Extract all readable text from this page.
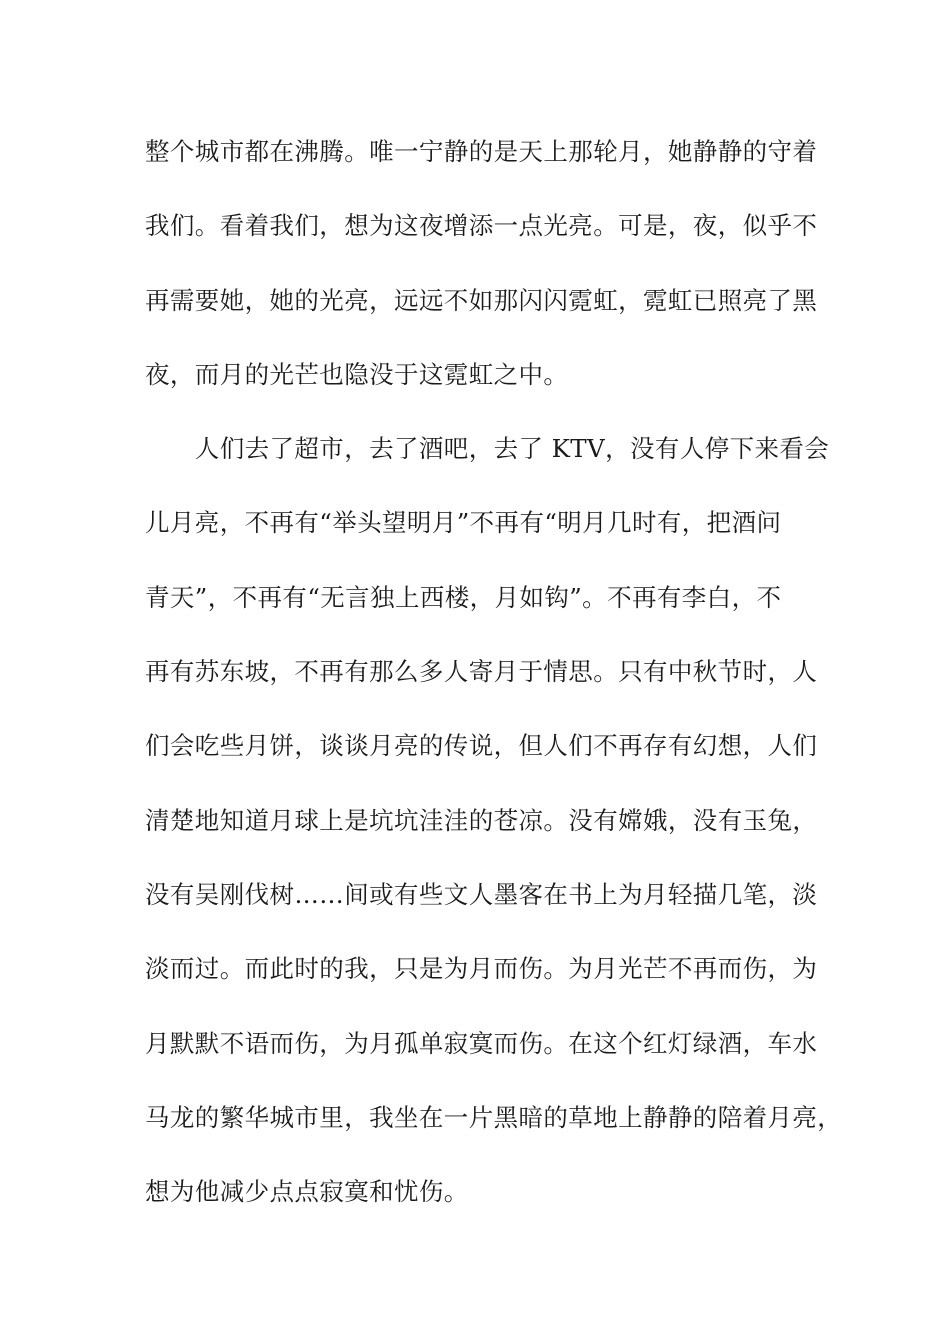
整个城市都在沸腾。唯一宁静的是天上那轮月，她静静的守着
我们。看着我们，想为这夜增添一点光亮。可是，夜，似乎不
再需要她，她的光亮，远远不如那闪闪霓虹，霓虹已照亮了黑
夜，而月的光芒也隐没于这霓虹之中。
　　人们去了超市，去了酒吧，去了 KTV，没有人停下来看会
儿月亮，不再有“举头望明月”不再有“明月几时有，把酒问
青天”，不再有“无言独上西楼，月如钩”。不再有李白，不
再有苏东坡，不再有那么多人寄月于情思。只有中秋节时，人
们会吃些月饼，谈谈月亮的传说，但人们不再存有幻想，人们
清楚地知道月球上是坑坑洼洼的苍凉。没有嫦娥，没有玉兔，
没有吴刚伐树……间或有些文人墨客在书上为月轻描几笔，淡
淡而过。而此时的我，只是为月而伤。为月光芒不再而伤，为
月默默不语而伤，为月孤单寂寞而伤。在这个红灯绿酒，车水
马龙的繁华城市里，我坐在一片黑暗的草地上静静的陪着月亮，
想为他减少点点寂寞和忧伤。
